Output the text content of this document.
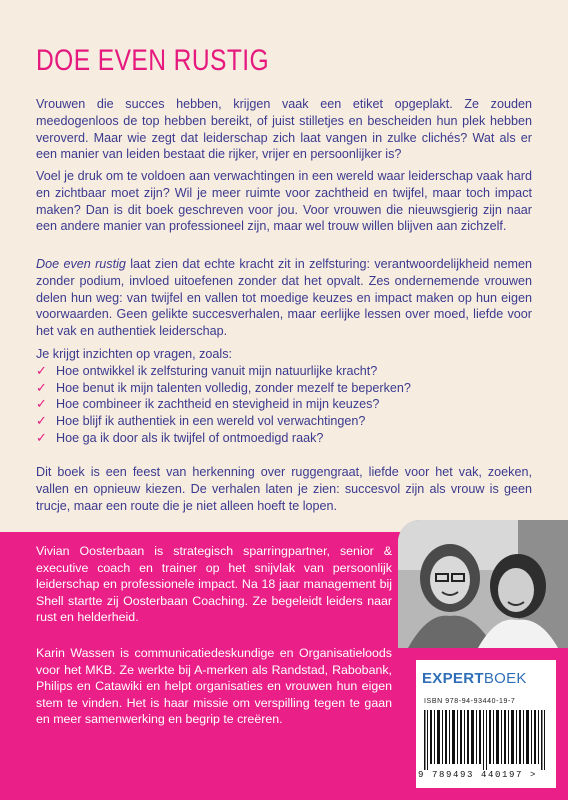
DOE EVEN RUSTIG
Vrouwen die succes hebben, krijgen vaak een etiket opgeplakt. Ze zouden meedogenloos de top hebben bereikt, of juist stilletjes en bescheiden hun plek hebben veroverd. Maar wie zegt dat leiderschap zich laat vangen in zulke clichés? Wat als er een manier van leiden bestaat die rijker, vrijer en persoonlijker is?
Voel je druk om te voldoen aan verwachtingen in een wereld waar leiderschap vaak hard en zichtbaar moet zijn? Wil je meer ruimte voor zachtheid en twijfel, maar toch impact maken? Dan is dit boek geschreven voor jou. Voor vrouwen die nieuwsgierig zijn naar een andere manier van professioneel zijn, maar wel trouw willen blijven aan zichzelf.
Doe even rustig laat zien dat echte kracht zit in zelfsturing: verantwoordelijkheid nemen zonder podium, invloed uitoefenen zonder dat het opvalt. Zes ondernemende vrouwen delen hun weg: van twijfel en vallen tot moedige keuzes en impact maken op hun eigen voorwaarden. Geen gelikte succesverhalen, maar eerlijke lessen over moed, liefde voor het vak en authentiek leiderschap.
Je krijgt inzichten op vragen, zoals:
✓ Hoe ontwikkel ik zelfsturing vanuit mijn natuurlijke kracht?
✓ Hoe benut ik mijn talenten volledig, zonder mezelf te beperken?
✓ Hoe combineer ik zachtheid en stevigheid in mijn keuzes?
✓ Hoe blijf ik authentiek in een wereld vol verwachtingen?
✓ Hoe ga ik door als ik twijfel of ontmoedigd raak?
Dit boek is een feest van herkenning over ruggengraat, liefde voor het vak, zoeken, vallen en opnieuw kiezen. De verhalen laten je zien: succesvol zijn als vrouw is geen trucje, maar een route die je niet alleen hoeft te lopen.
Vivian Oosterbaan is strategisch sparringpartner, senior & executive coach en trainer op het snijvlak van persoonlijk leiderschap en professionele impact. Na 18 jaar management bij Shell startte zij Oosterbaan Coaching. Ze begeleidt leiders naar rust en helderheid.
Karin Wassen is communicatiedeskundige en Organisatieloods voor het MKB. Ze werkte bij A-merken als Randstad, Rabobank, Philips en Catawiki en helpt organisaties en vrouwen hun eigen stem te vinden. Het is haar missie om verspilling tegen te gaan en meer samenwerking en begrip te creëren.
EXPERTBOEK
ISBN 978-94-93440-19-7
9 789493 440197 >
